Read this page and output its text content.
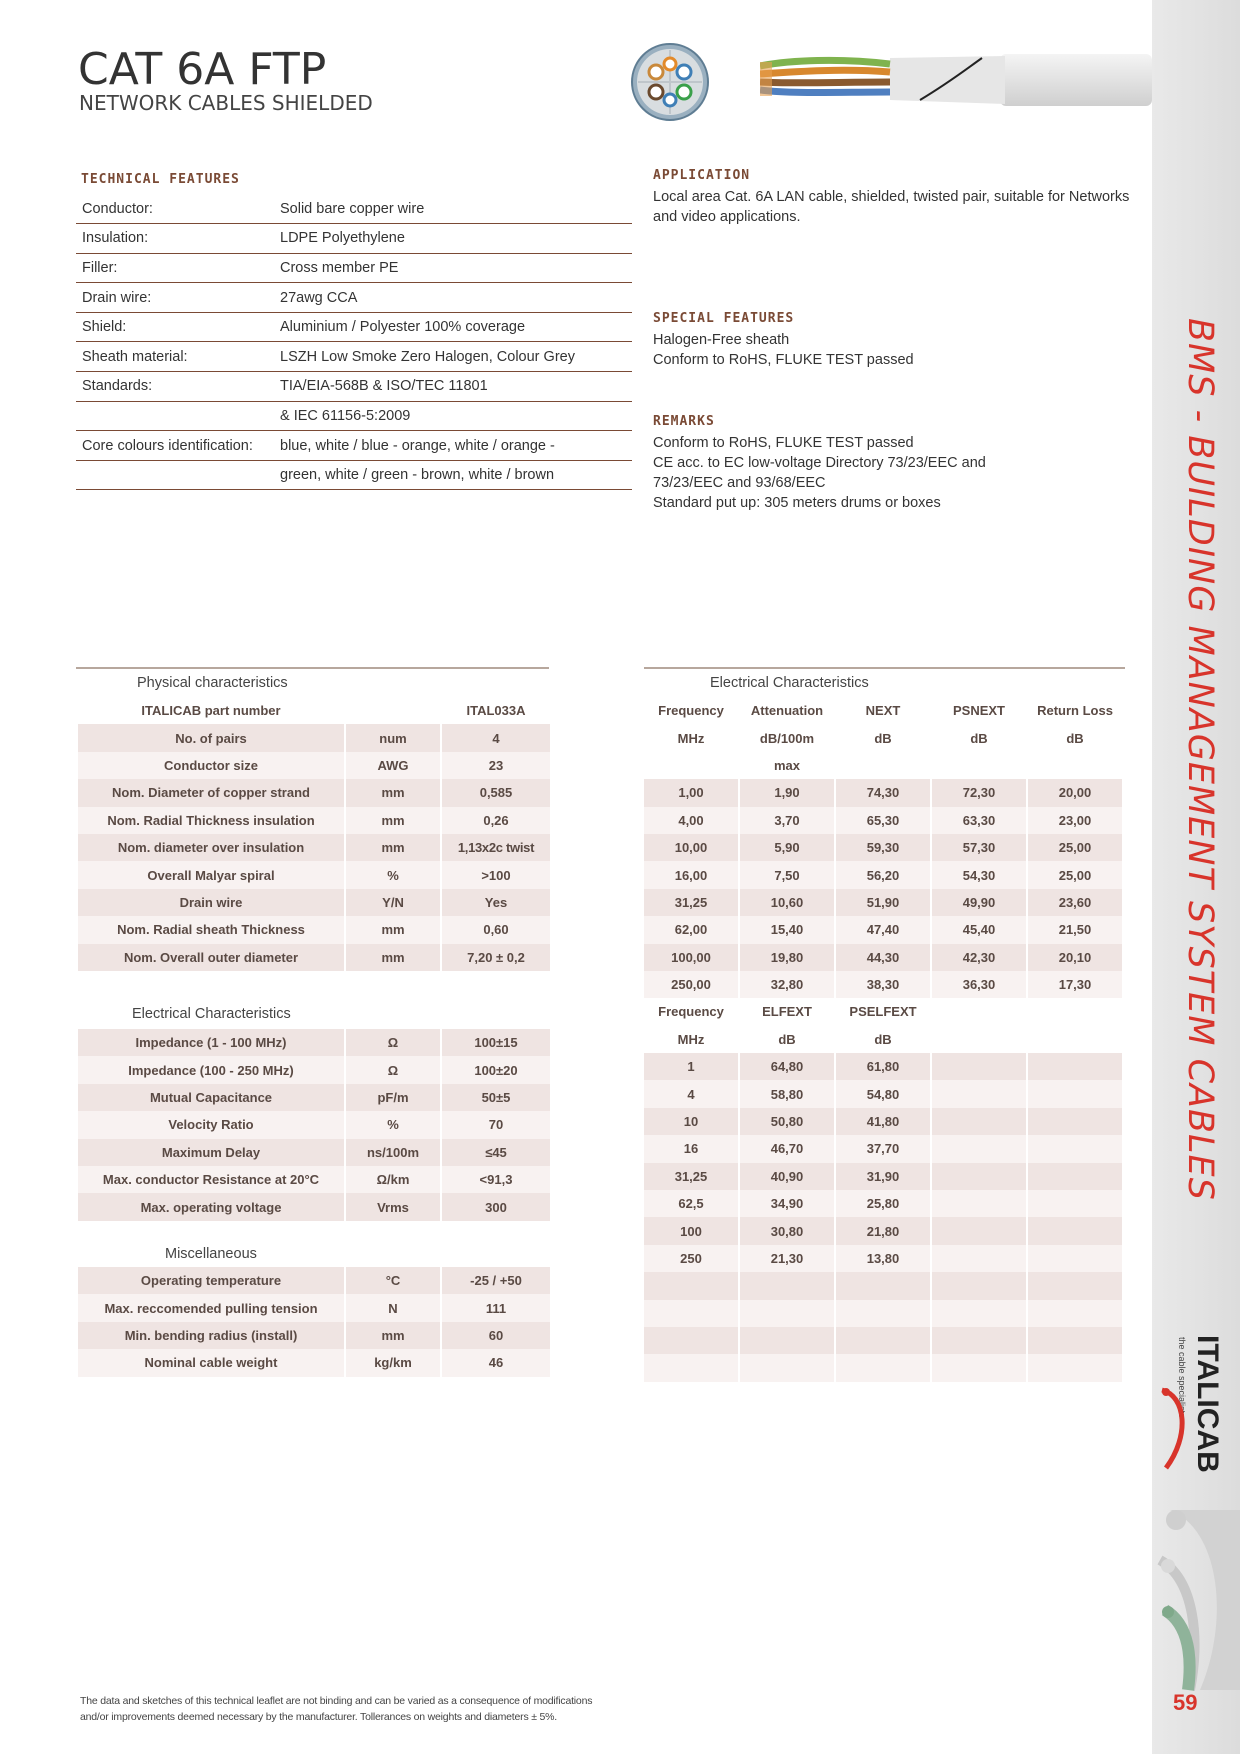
BMS - BUILDING MANAGEMENT SYSTEM CABLES
ITALICAB
the cable specialists
59
CAT 6A FTP
NETWORK CABLES SHIELDED
TECHNICAL FEATURES
Conductor:	Solid bare copper wire
Insulation:	LDPE Polyethylene
Filler:	Cross member PE
Drain wire:	27awg CCA
Shield:	Aluminium / Polyester 100% coverage
Sheath material:	LSZH Low Smoke Zero Halogen, Colour Grey
Standards:	TIA/EIA-568B & ISO/TEC 11801
	& IEC 61156-5:2009
Core colours identification:	blue, white / blue - orange, white / orange -
	green, white / green - brown, white / brown
APPLICATION
Local area Cat. 6A LAN cable, shielded, twisted pair, suitable for Networks and video applications.
SPECIAL FEATURES
Halogen-Free sheath
Conform to RoHS, FLUKE TEST passed
REMARKS
Conform to RoHS, FLUKE TEST passed
CE acc. to EC low-voltage Directory 73/23/EEC and
73/23/EEC and 93/68/EEC
Standard put up: 305 meters drums or boxes
Physical characteristics
ITALICAB part number		ITAL033A
No. of pairs	num	4
Conductor size	AWG	23
Nom. Diameter of copper strand	mm	0,585
Nom. Radial Thickness insulation	mm	0,26
Nom. diameter over insulation	mm	1,13x2c twist
Overall Malyar spiral	%	>100
Drain wire	Y/N	Yes
Nom. Radial sheath Thickness	mm	0,60
Nom. Overall outer diameter	mm	7,20 ± 0,2
Electrical Characteristics
Impedance (1 - 100 MHz)	Ω	100±15
Impedance (100 - 250 MHz)	Ω	100±20
Mutual Capacitance	pF/m	50±5
Velocity Ratio	%	70
Maximum Delay	ns/100m	≤45
Max. conductor Resistance at 20°C	Ω/km	<91,3
Max. operating voltage	Vrms	300
Miscellaneous
Operating temperature	°C	-25 / +50
Max. reccomended pulling tension	N	111
Min. bending radius (install)	mm	60
Nominal cable weight	kg/km	46
Electrical Characteristics
Frequency	Attenuation	NEXT	PSNEXT	Return Loss
MHz	dB/100m	dB	dB	dB
	max			
1,00	1,90	74,30	72,30	20,00
4,00	3,70	65,30	63,30	23,00
10,00	5,90	59,30	57,30	25,00
16,00	7,50	56,20	54,30	25,00
31,25	10,60	51,90	49,90	23,60
62,00	15,40	47,40	45,40	21,50
100,00	19,80	44,30	42,30	20,10
250,00	32,80	38,30	36,30	17,30
Frequency	ELFEXT	PSELFEXT		
MHz	dB	dB		
1	64,80	61,80		
4	58,80	54,80		
10	50,80	41,80		
16	46,70	37,70		
31,25	40,90	31,90		
62,5	34,90	25,80		
100	30,80	21,80		
250	21,30	13,80		

The data and sketches of this technical leaflet are not binding and can be varied as a consequence of modifications
and/or improvements deemed necessary by the manufacturer. Tollerances on weights and diameters ± 5%.
